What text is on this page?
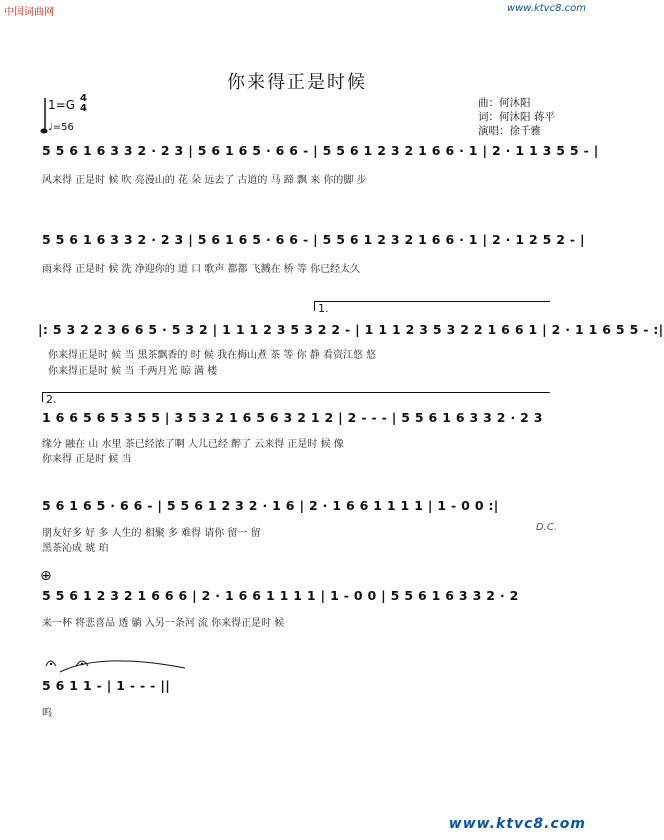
中国词曲网	www.ktvc8.com
你来得正是时候
1=G 4
4
♩=56
曲：何沐阳
词：何沐阳 蒋平
演唱：徐千雅
5 5 6 1 6 3 3 2 · 2 3 | 5 6 1 6 5 · 6 6 - | 5 5 6 1 2 3 2 1 6 6 · 1 | 2 · 1 1 3 5 5 - |
风来得 正是时 候 吹 亮漫山的 花 朵 远去了 古道的 马 蹄 飘 来 你的脚 步
5 5 6 1 6 3 3 2 · 2 3 | 5 6 1 6 5 · 6 6 - | 5 5 6 1 2 3 2 1 6 6 · 1 | 2 · 1 2 5 2 - |
雨来得 正是时 候 洗 净迎你的 道 口 歌声 都都 飞溅在 桥 等 你已经太久
1.
|: 5 3 2 2 3 6 6 5 · 5 3 2 | 1 1 1 2 3 5 3 2 2 - | 1 1 1 2 3 5 3 2 2 1 6 6 1 | 2 · 1 1 6 5 5 - :|
你来得正是时 候 当 黑茶飘香的 时 候 我在梅山煮 茶 等 你 静 看资江悠 悠
你来得正是时 候 当 千两月光 晾 满 楼
2.
1 6 6 5 6 5 3 5 5 | 3 5 3 2 1 6 5 6 3 2 1 2 | 2 - - - | 5 5 6 1 6 3 3 2 · 2 3
缘分 融在 山 水里 茶已经浓了啊 人儿已经 醉了 云来得 正是时 候 像
你来得 正是时 候 当
5 6 1 6 5 · 6 6 - | 5 5 6 1 2 3 2 · 1 6 | 2 · 1 6 6 1 1 1 1 | 1 - 0 0 :|
朋友好多 好 多 人生的 相聚 多 难得 请你 留一 留
黑茶沁成 琥 珀
D.C.
⊕
5 5 6 1 2 3 2 1 6 6 6 | 2 · 1 6 6 1 1 1 1 | 1 - 0 0 | 5 5 6 1 6 3 3 2 · 2
来一杯 将悲喜品 透 躺 入另一条河 流 你来得正是时 候
5 6 1 1 - | 1 - - - ||
呜
www.ktvc8.com
